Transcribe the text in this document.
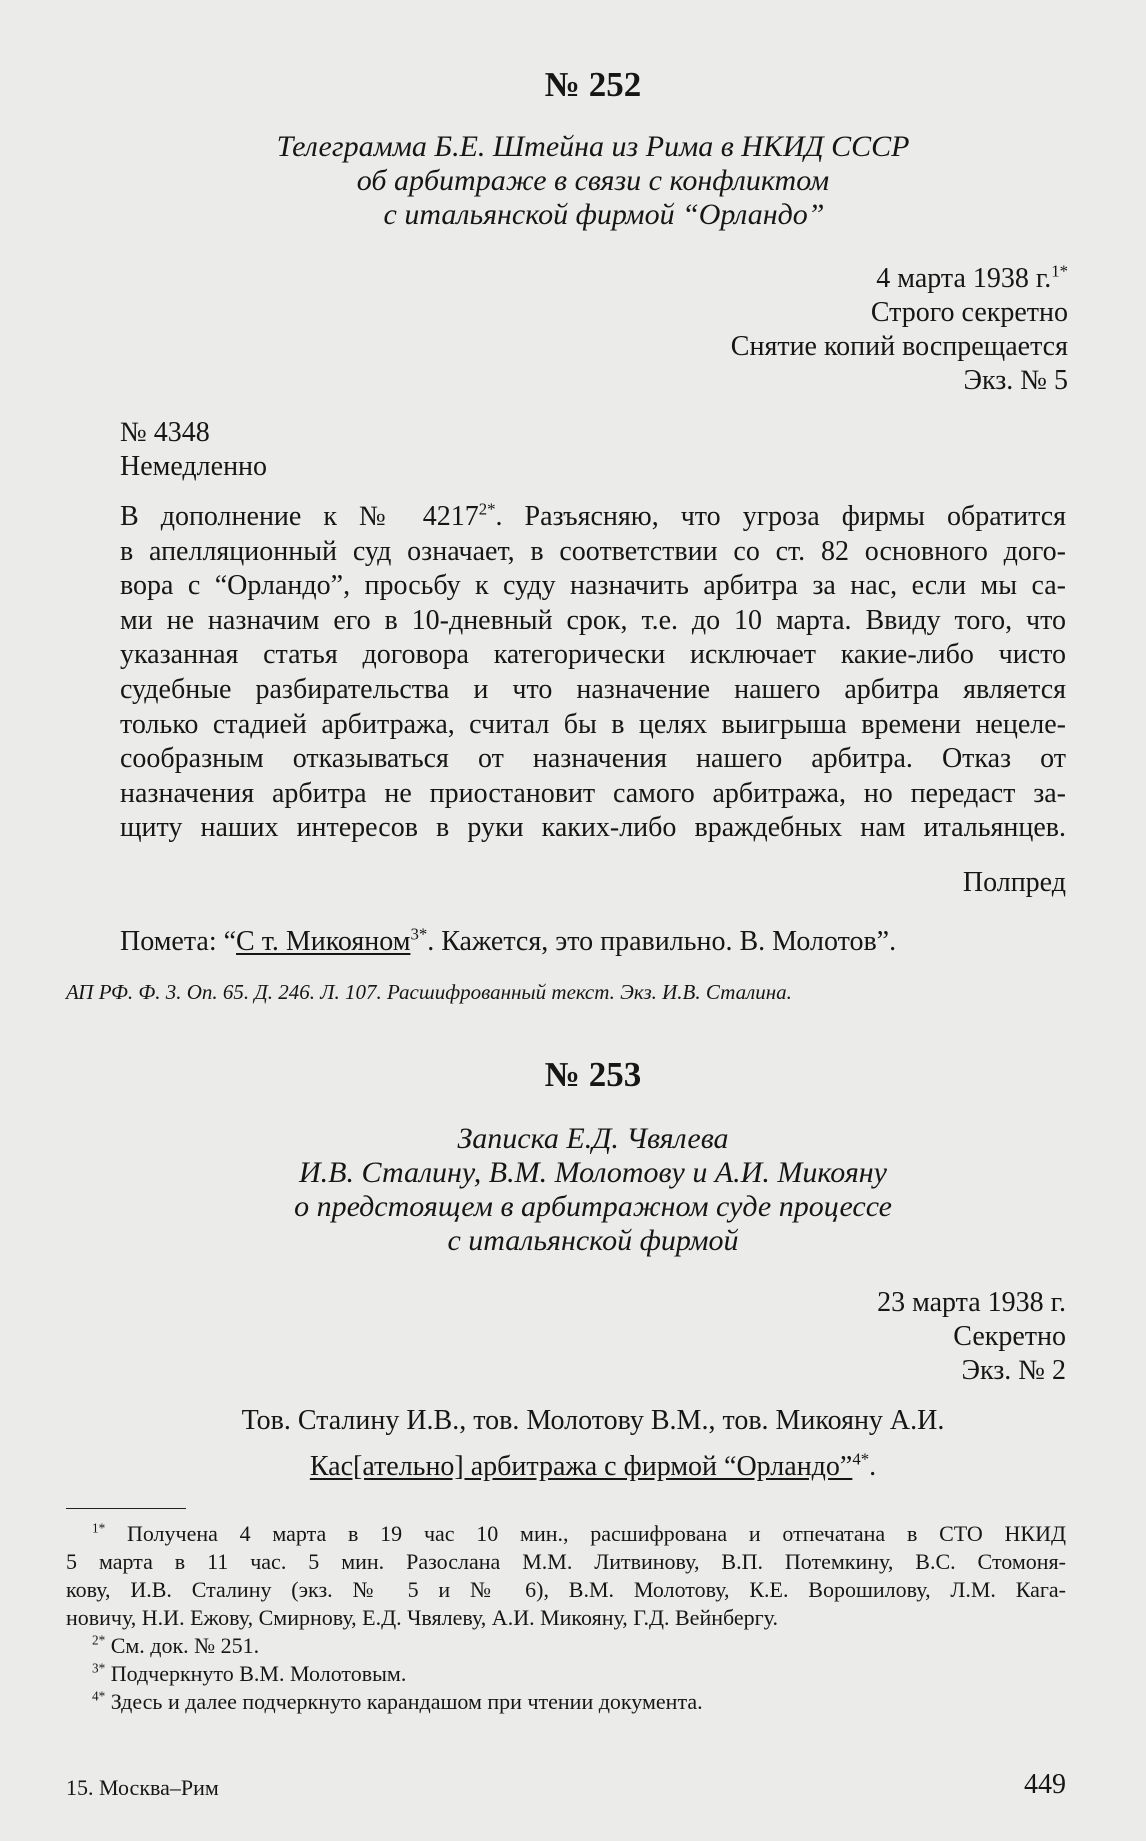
№ 252
Телеграмма Б.Е. Штейна из Рима в НКИД СССР
об арбитраже в связи с конфликтом
с итальянской фирмой “Орландо”
4 марта 1938 г.$^{1*}$
Строго секретно
Снятие копий воспрещается
Экз. № 5
№ 4348
Немедленно
В дополнение к № $4217^{2*}$. Разъясняю, что угроза фирмы обратится
в апелляционный суд означает, в соответствии со ст. 82 основного дого-
вора с “Орландо”, просьбу к суду назначить арбитра за нас, если мы са-
ми не назначим его в 10-дневный срок, т.е. до 10 марта. Ввиду того, что
указанная статья договора категорически исключает какие-либо чисто
судебные разбирательства и что назначение нашего арбитра является
только стадией арбитража, считал бы в целях выигрыша времени нецеле-
сообразным отказываться от назначения нашего арбитра. Отказ от
назначения арбитра не приостановит самого арбитража, но передаст за-
щиту наших интересов в руки каких-либо враждебных нам итальянцев.
Полпред
Помета: “С т. Микояном$^{3*}$. Кажется, это правильно. В. Молотов”.
АП РФ. Ф. 3. Оп. 65. Д. 246. Л. 107. Расшифрованный текст. Экз. И.В. Сталина.
№ 253
Записка Е.Д. Чвялева
И.В. Сталину, В.М. Молотову и А.И. Микояну
о предстоящем в арбитражном суде процессе
с итальянской фирмой
23 марта 1938 г.
Секретно
Экз. № 2
Тов. Сталину И.В., тов. Молотову В.М., тов. Микояну А.И.
Кас[ательно] арбитража с фирмой “Орландо”$^{4*}$.
$^{1*}$ Получена 4 марта в 19 час 10 мин., расшифрована и отпечатана в СТО НКИД
5 марта в 11 час. 5 мин. Разослана М.М. Литвинову, В.П. Потемкину, В.С. Стомоня-
кову, И.В. Сталину (экз. № 5 и № 6), В.М. Молотову, К.Е. Ворошилову, Л.М. Кага-
новичу, Н.И. Ежову, Смирнову, Е.Д. Чвялеву, А.И. Микояну, Г.Д. Вейнбергу.
$^{2*}$ См. док. № 251.
$^{3*}$ Подчеркнуто В.М. Молотовым.
$^{4*}$ Здесь и далее подчеркнуто карандашом при чтении документа.
15. Москва–Рим	449
